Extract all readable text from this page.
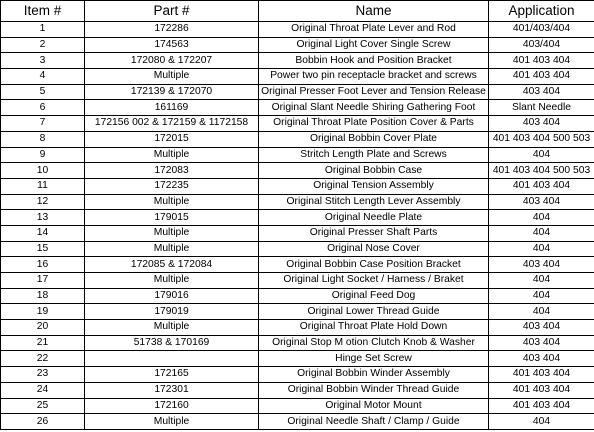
Item #	Part #	Name	Application
1	172286	Original Throat Plate Lever and Rod	401/403/404
2	174563	Original Light Cover Single Screw	403/404
3	172080 & 172207	Bobbin Hook and Position Bracket	401 403 404
4	Multiple	Power two pin receptacle bracket and screws	401 403 404
5	172139 & 172070	Original Presser Foot Lever and Tension Release	403 404
6	161169	Original Slant Needle Shiring Gathering Foot	Slant Needle
7	172156 002 & 172159 & 1172158	Original Throat Plate Position Cover & Parts	403 404
8	172015	Original Bobbin Cover Plate	401 403 404 500 503
9	Multiple	Stritch Length Plate and Screws	404
10	172083	Original Bobbin Case	401 403 404 500 503
11	172235	Original Tension Assembly	401 403 404
12	Multiple	Original Stitch Length Lever Assembly	403 404
13	179015	Original Needle Plate	404
14	Multiple	Original Presser Shaft Parts	404
15	Multiple	Original Nose Cover	404
16	172085 & 172084	Original Bobbin Case Position Bracket	403 404
17	Multiple	Original Light Socket / Harness / Braket	404
18	179016	Original Feed Dog	404
19	179019	Original Lower Thread Guide	404
20	Multiple	Original Throat Plate Hold Down	403 404
21	51738 & 170169	Original Stop M otion Clutch Knob & Washer	403 404
22		Hinge Set Screw	403 404
23	172165	Original Bobbin Winder Assembly	401 403 404
24	172301	Original Bobbin Winder Thread Guide	401 403 404
25	172160	Original Motor Mount	401 403 404
26	Multiple	Original Needle Shaft / Clamp / Guide	404
